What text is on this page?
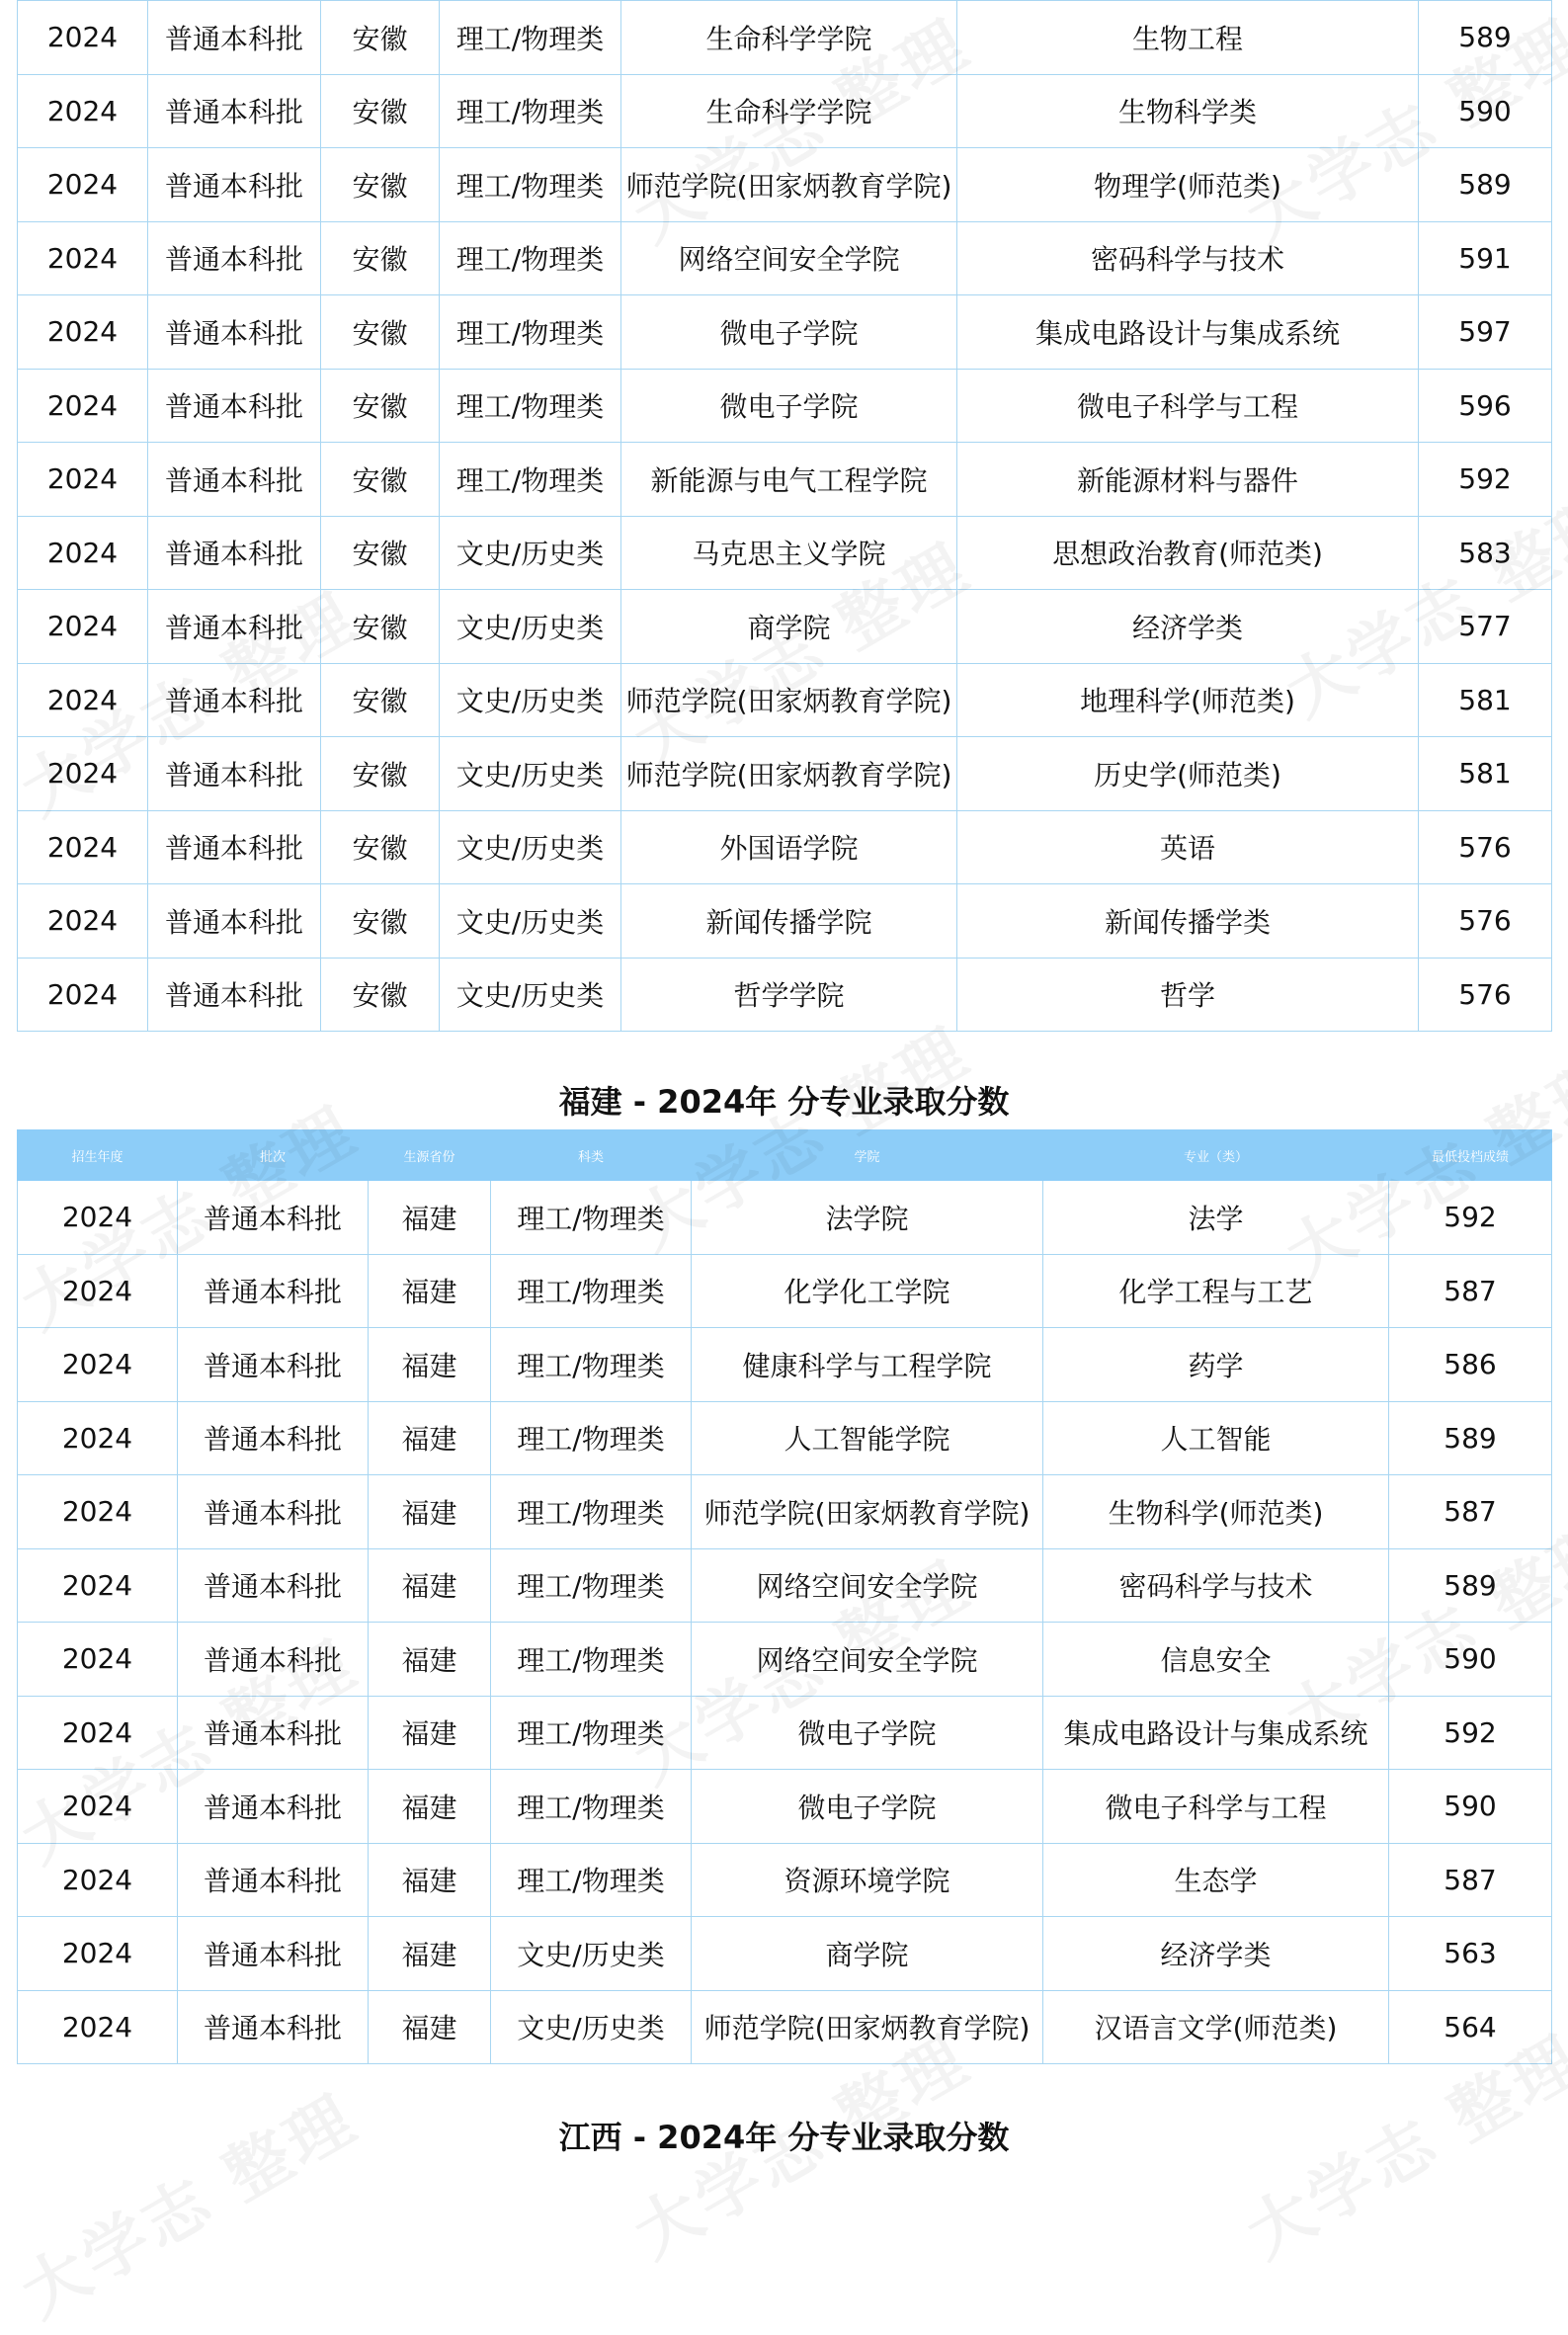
2024	普通本科批	安徽	理工/物理类	生命科学学院	生物工程	589
2024	普通本科批	安徽	理工/物理类	生命科学学院	生物科学类	590
2024	普通本科批	安徽	理工/物理类	师范学院(田家炳教育学院)	物理学(师范类)	589
2024	普通本科批	安徽	理工/物理类	网络空间安全学院	密码科学与技术	591
2024	普通本科批	安徽	理工/物理类	微电子学院	集成电路设计与集成系统	597
2024	普通本科批	安徽	理工/物理类	微电子学院	微电子科学与工程	596
2024	普通本科批	安徽	理工/物理类	新能源与电气工程学院	新能源材料与器件	592
2024	普通本科批	安徽	文史/历史类	马克思主义学院	思想政治教育(师范类)	583
2024	普通本科批	安徽	文史/历史类	商学院	经济学类	577
2024	普通本科批	安徽	文史/历史类	师范学院(田家炳教育学院)	地理科学(师范类)	581
2024	普通本科批	安徽	文史/历史类	师范学院(田家炳教育学院)	历史学(师范类)	581
2024	普通本科批	安徽	文史/历史类	外国语学院	英语	576
2024	普通本科批	安徽	文史/历史类	新闻传播学院	新闻传播学类	576
2024	普通本科批	安徽	文史/历史类	哲学学院	哲学	576
福建 - 2024年 分专业录取分数
招生年度	批次	生源省份	科类	学院	专业（类）	最低投档成绩
2024	普通本科批	福建	理工/物理类	法学院	法学	592
2024	普通本科批	福建	理工/物理类	化学化工学院	化学工程与工艺	587
2024	普通本科批	福建	理工/物理类	健康科学与工程学院	药学	586
2024	普通本科批	福建	理工/物理类	人工智能学院	人工智能	589
2024	普通本科批	福建	理工/物理类	师范学院(田家炳教育学院)	生物科学(师范类)	587
2024	普通本科批	福建	理工/物理类	网络空间安全学院	密码科学与技术	589
2024	普通本科批	福建	理工/物理类	网络空间安全学院	信息安全	590
2024	普通本科批	福建	理工/物理类	微电子学院	集成电路设计与集成系统	592
2024	普通本科批	福建	理工/物理类	微电子学院	微电子科学与工程	590
2024	普通本科批	福建	理工/物理类	资源环境学院	生态学	587
2024	普通本科批	福建	文史/历史类	商学院	经济学类	563
2024	普通本科批	福建	文史/历史类	师范学院(田家炳教育学院)	汉语言文学(师范类)	564
江西 - 2024年 分专业录取分数
